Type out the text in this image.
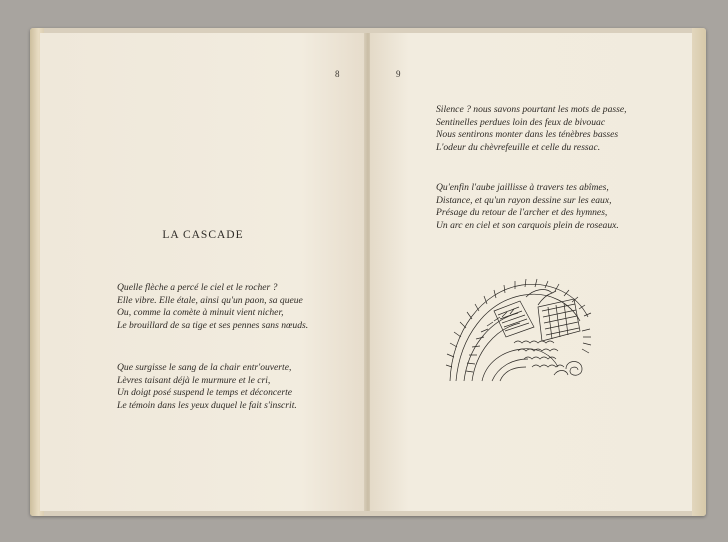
8
LA CASCADE
Quelle flèche a percé le ciel et le rocher ?
Elle vibre. Elle étale, ainsi qu'un paon, sa queue
Ou, comme la comète à minuit vient nicher,
Le brouillard de sa tige et ses pennes sans nœuds.
Que surgisse le sang de la chair entr'ouverte,
Lèvres taisant déjà le murmure et le cri,
Un doigt posé suspend le temps et déconcerte
Le témoin dans les yeux duquel le fait s'inscrit.
9
Silence ? nous savons pourtant les mots de passe,
Sentinelles perdues loin des feux de bivouac
Nous sentirons monter dans les ténèbres basses
L'odeur du chèvrefeuille et celle du ressac.
Qu'enfin l'aube jaillisse à travers tes abîmes,
Distance, et qu'un rayon dessine sur les eaux,
Présage du retour de l'archer et des hymnes,
Un arc en ciel et son carquois plein de roseaux.
